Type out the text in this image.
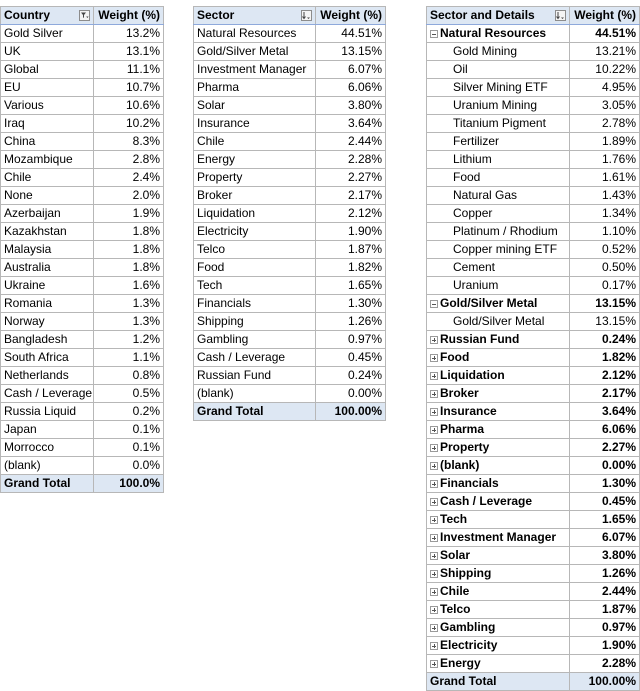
Country	Weight (%)
Gold Silver	13.2%
UK	13.1%
Global	11.1%
EU	10.7%
Various	10.6%
Iraq	10.2%
China	8.3%
Mozambique	2.8%
Chile	2.4%
None	2.0%
Azerbaijan	1.9%
Kazakhstan	1.8%
Malaysia	1.8%
Australia	1.8%
Ukraine	1.6%
Romania	1.3%
Norway	1.3%
Bangladesh	1.2%
South Africa	1.1%
Netherlands	0.8%
Cash / Leverage	0.5%
Russia Liquid	0.2%
Japan	0.1%
Morrocco	0.1%
(blank)	0.0%
Grand Total	100.0%
Sector	Weight (%)
Natural Resources	44.51%
Gold/Silver Metal	13.15%
Investment Manager	6.07%
Pharma	6.06%
Solar	3.80%
Insurance	3.64%
Chile	2.44%
Energy	2.28%
Property	2.27%
Broker	2.17%
Liquidation	2.12%
Electricity	1.90%
Telco	1.87%
Food	1.82%
Tech	1.65%
Financials	1.30%
Shipping	1.26%
Gambling	0.97%
Cash / Leverage	0.45%
Russian Fund	0.24%
(blank)	0.00%
Grand Total	100.00%
Sector and Details	Weight (%)
Natural Resources	44.51%
Gold Mining	13.21%
Oil	10.22%
Silver Mining ETF	4.95%
Uranium Mining	3.05%
Titanium Pigment	2.78%
Fertilizer	1.89%
Lithium	1.76%
Food	1.61%
Natural Gas	1.43%
Copper	1.34%
Platinum / Rhodium	1.10%
Copper mining ETF	0.52%
Cement	0.50%
Uranium	0.17%
Gold/Silver Metal	13.15%
Gold/Silver Metal	13.15%
Russian Fund	0.24%
Food	1.82%
Liquidation	2.12%
Broker	2.17%
Insurance	3.64%
Pharma	6.06%
Property	2.27%
(blank)	0.00%
Financials	1.30%
Cash / Leverage	0.45%
Tech	1.65%
Investment Manager	6.07%
Solar	3.80%
Shipping	1.26%
Chile	2.44%
Telco	1.87%
Gambling	0.97%
Electricity	1.90%
Energy	2.28%
Grand Total	100.00%
